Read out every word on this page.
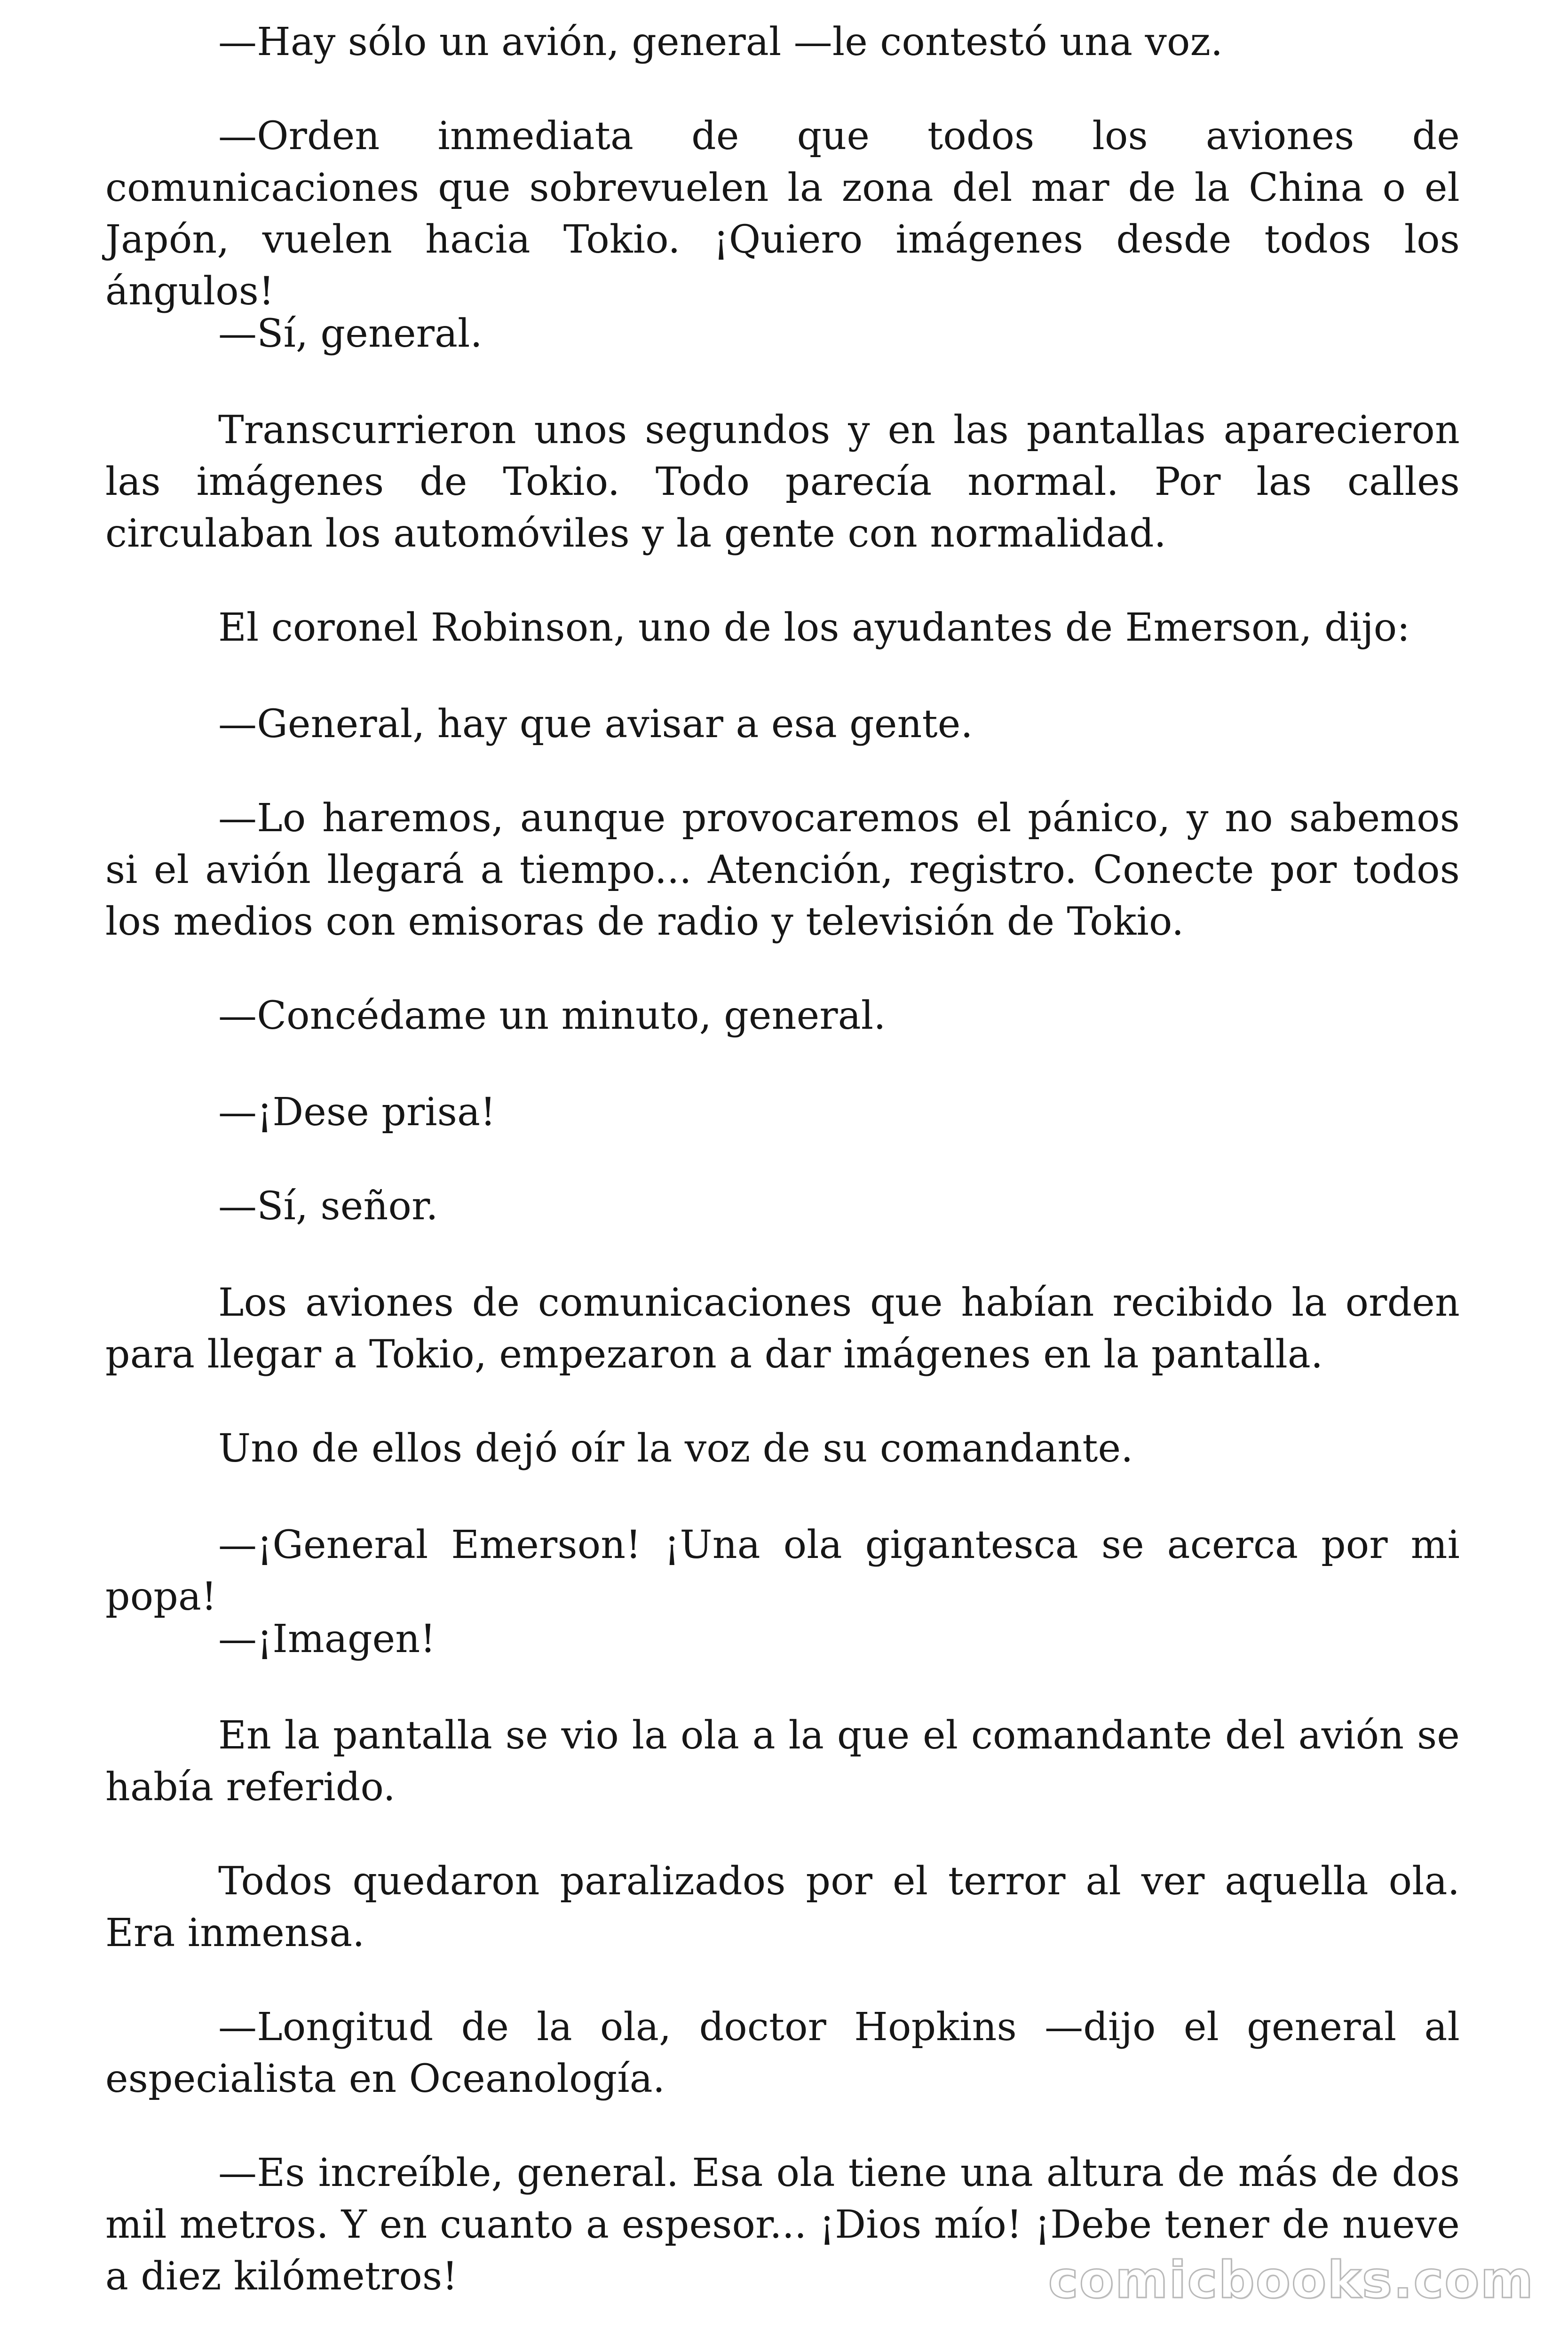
—Hay sólo un avión, general —le contestó una voz.

—Orden inmediata de que todos los aviones de comunicaciones que sobrevuelen la zona del mar de la China o el Japón, vuelen hacia Tokio. ¡Quiero imágenes desde todos los ángulos!

—Sí, general.

Transcurrieron unos segundos y en las pantallas aparecieron las imágenes de Tokio. Todo parecía normal. Por las calles circulaban los automóviles y la gente con normalidad.

El coronel Robinson, uno de los ayudantes de Emerson, dijo:

—General, hay que avisar a esa gente.

—Lo haremos, aunque provocaremos el pánico, y no sabemos si el avión llegará a tiempo... Atención, registro. Conecte por todos los medios con emisoras de radio y televisión de Tokio.

—Concédame un minuto, general.

—¡Dese prisa!

—Sí, señor.

Los aviones de comunicaciones que habían recibido la orden para llegar a Tokio, empezaron a dar imágenes en la pantalla.

Uno de ellos dejó oír la voz de su comandante.

—¡General Emerson! ¡Una ola gigantesca se acerca por mi popa!

—¡Imagen!

En la pantalla se vio la ola a la que el comandante del avión se había referido.

Todos quedaron paralizados por el terror al ver aquella ola. Era inmensa.

—Longitud de la ola, doctor Hopkins —dijo el general al especialista en Oceanología.

—Es increíble, general. Esa ola tiene una altura de más de dos mil metros. Y en cuanto a espesor... ¡Dios mío! ¡Debe tener de nueve a diez kilómetros!	comicbooks.com
